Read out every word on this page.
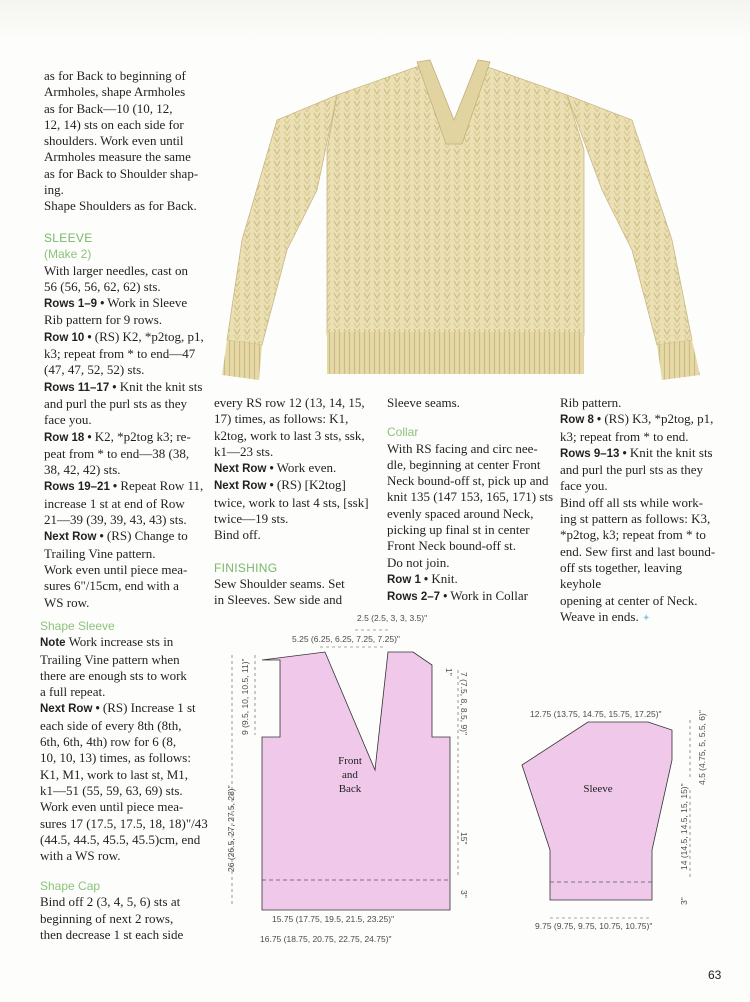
as for Back to beginning of

Armholes, shape Armholes

as for Back—10 (10, 12,

12, 14) sts on each side for

shoulders. Work even until

Armholes measure the same

as for Back to Shoulder shap-

ing.

Shape Shoulders as for Back.

SLEEVE

(Make 2)

With larger needles, cast on

56 (56, 56, 62, 62) sts.

Rows 1–9 • Work in Sleeve

Rib pattern for 9 rows.

Row 10 • (RS) K2, *p2tog, p1,

k3; repeat from * to end—47

(47, 47, 52, 52) sts.

Rows 11–17 • Knit the knit sts

and purl the purl sts as they

face you.

Row 18 • K2, *p2tog k3; re-

peat from * to end—38 (38,

38, 42, 42) sts.

Rows 19–21 • Repeat Row 11,

increase 1 st at end of Row

21—39 (39, 39, 43, 43) sts.

Next Row • (RS) Change to

Trailing Vine pattern.

Work even until piece mea-

sures 6"/15cm, end with a

WS row.

Shape Sleeve

Note Work increase sts in

Trailing Vine pattern when

there are enough sts to work

a full repeat.

Next Row • (RS) Increase 1 st

each side of every 8th (8th,

6th, 6th, 4th) row for 6 (8,

10, 10, 13) times, as follows:

K1, M1, work to last st, M1,

k1—51 (55, 59, 63, 69) sts.

Work even until piece mea-

sures 17 (17.5, 17.5, 18, 18)"/43

(44.5, 44.5, 45.5, 45.5)cm, end

with a WS row.

Shape Cap

Bind off 2 (3, 4, 5, 6) sts at

beginning of next 2 rows,

then decrease 1 st each side

every RS row 12 (13, 14, 15,

17) times, as follows: K1,

k2tog, work to last 3 sts, ssk,

k1—23 sts.

Next Row • Work even.

Next Row • (RS) [K2tog]

twice, work to last 4 sts, [ssk]

twice—19 sts.

Bind off.

FINISHING

Sew Shoulder seams. Set

in Sleeves. Sew side and

Sleeve seams.

Collar

With RS facing and circ nee-

dle, beginning at center Front

Neck bound-off st, pick up and

knit 135 (147 153, 165, 171) sts

evenly spaced around Neck,

picking up final st in center

Front Neck bound-off st.

Do not join.

Row 1 • Knit.

Rows 2–7 • Work in Collar

Rib pattern.

Row 8 • (RS) K3, *p2tog, p1,

k3; repeat from * to end.

Rows 9–13 • Knit the knit sts

and purl the purl sts as they

face you.

Bind off all sts while work-

ing st pattern as follows: K3,

*p2tog, k3; repeat from * to

end. Sew first and last bound-

off sts together, leaving keyhole

opening at center of Neck.

Weave in ends. ✦

Front
and
Back
2.5 (2.5, 3, 3, 3.5)"
5.25 (6.25, 6.25, 7.25, 7.25)"
9 (9.5, 10, 10.5, 11)"
26 (26.5, 27, 27.5, 28)"
1"
7 (7.5, 8, 8.5, 9)"
15"
3"
15.75 (17.75, 19.5, 21.5, 23.25)"
16.75 (18.75, 20.75, 22.75, 24.75)"
Sleeve
12.75 (13.75, 14.75, 15.75, 17.25)"	4.5 (4.75, 5, 5.5, 6)"
14 (14.5, 14.5, 15, 15)"
3"
9.75 (9.75, 9.75, 10.75, 10.75)"
63
